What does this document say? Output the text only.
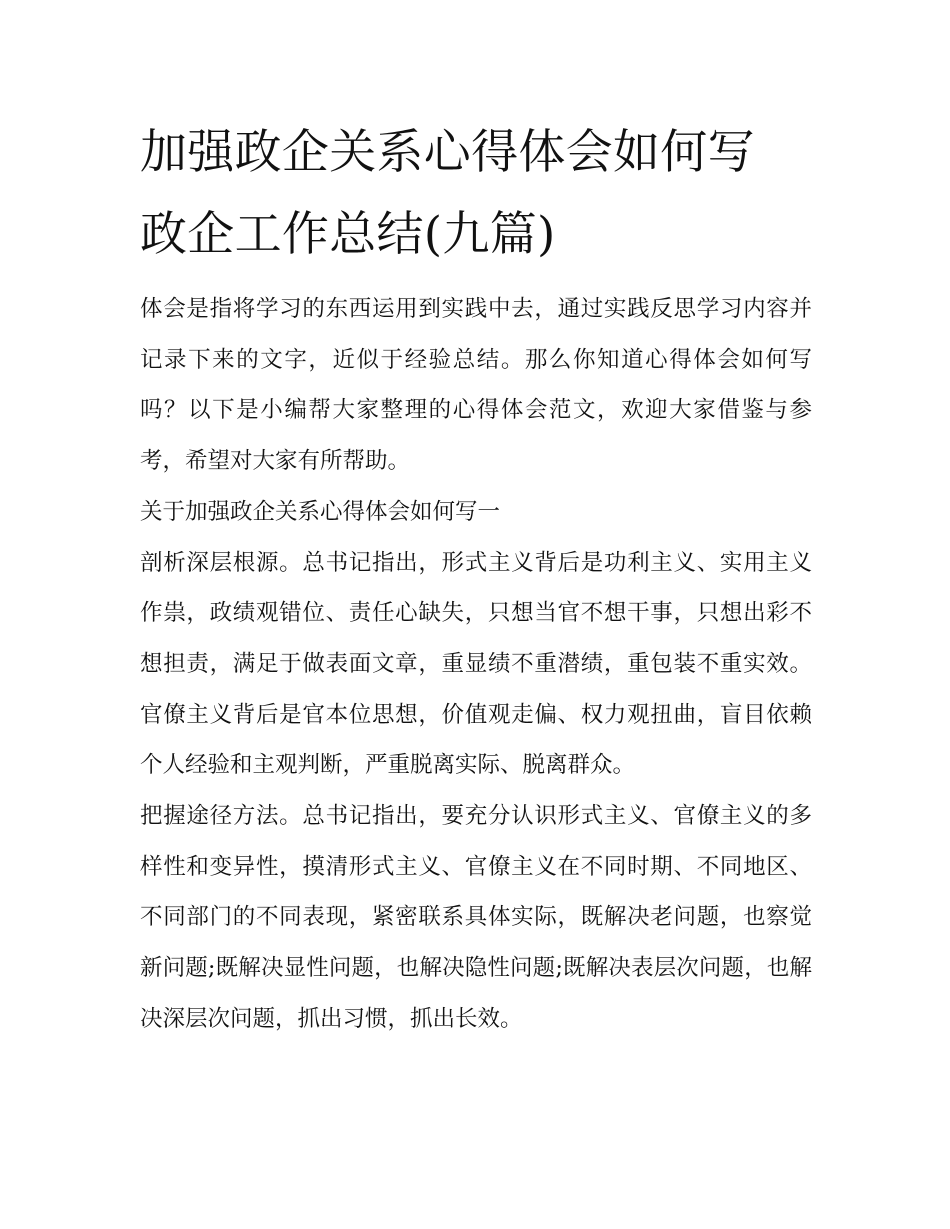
加强政企关系心得体会如何写
政企工作总结(九篇)

体会是指将学习的东西运用到实践中去，通过实践反思学习内容并记录下来的文字，近似于经验总结。那么你知道心得体会如何写吗？以下是小编帮大家整理的心得体会范文，欢迎大家借鉴与参考，希望对大家有所帮助。

关于加强政企关系心得体会如何写一

剖析深层根源。总书记指出，形式主义背后是功利主义、实用主义作祟，政绩观错位、责任心缺失，只想当官不想干事，只想出彩不想担责，满足于做表面文章，重显绩不重潜绩，重包装不重实效。官僚主义背后是官本位思想，价值观走偏、权力观扭曲，盲目依赖个人经验和主观判断，严重脱离实际、脱离群众。

把握途径方法。总书记指出，要充分认识形式主义、官僚主义的多样性和变异性，摸清形式主义、官僚主义在不同时期、不同地区、不同部门的不同表现，紧密联系具体实际，既解决老问题，也察觉新问题;既解决显性问题，也解决隐性问题;既解决表层次问题，也解决深层次问题，抓出习惯，抓出长效。
